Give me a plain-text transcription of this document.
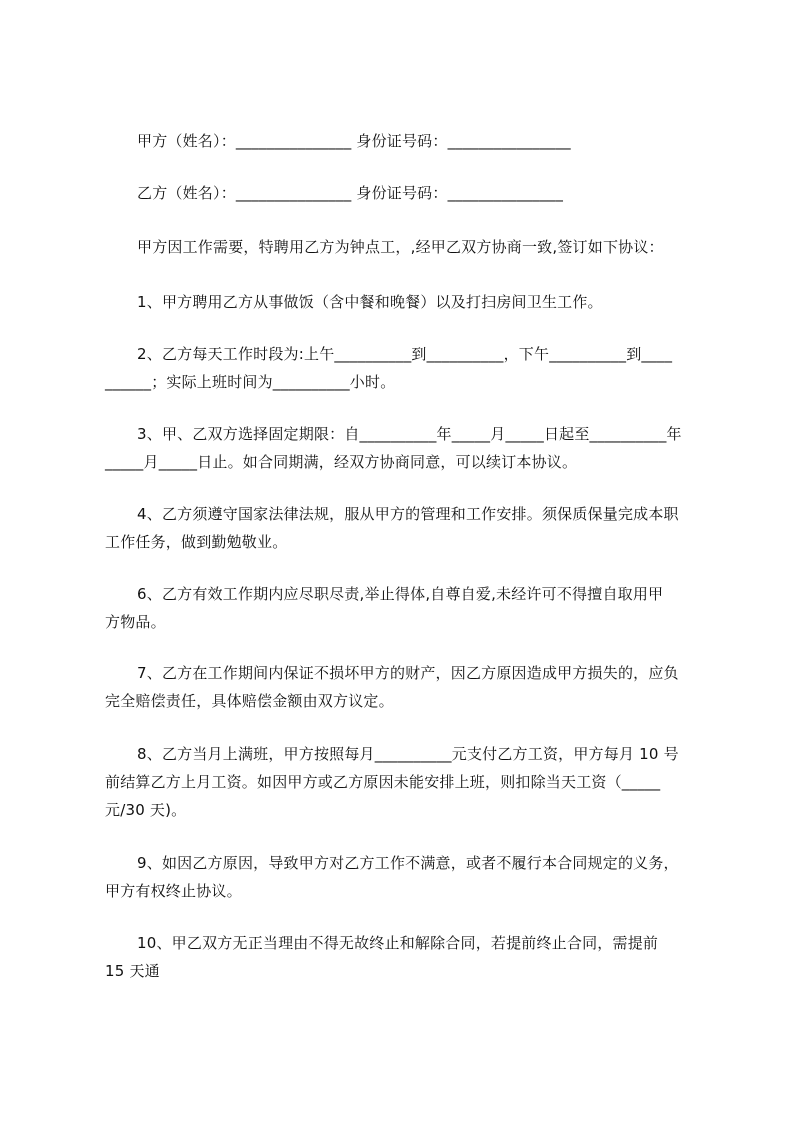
甲方（姓名）：_______________ 身份证号码：________________
乙方（姓名）：_______________ 身份证号码：_______________
甲方因工作需要，特聘用乙方为钟点工，,经甲乙双方协商一致,签订如下协议：
1、甲方聘用乙方从事做饭（含中餐和晚餐）以及打扫房间卫生工作。
2、乙方每天工作时段为:上午__________到__________，下午__________到____
______；实际上班时间为__________小时。
3、甲、乙双方选择固定期限：自__________年_____月_____日起至__________年
_____月_____日止。如合同期满，经双方协商同意，可以续订本协议。
4、乙方须遵守国家法律法规，服从甲方的管理和工作安排。须保质保量完成本职
工作任务，做到勤勉敬业。
6、乙方有效工作期内应尽职尽责,举止得体,自尊自爱,未经许可不得擅自取用甲
方物品。
7、乙方在工作期间内保证不损坏甲方的财产，因乙方原因造成甲方损失的，应负
完全赔偿责任，具体赔偿金额由双方议定。
8、乙方当月上满班，甲方按照每月__________元支付乙方工资，甲方每月 10 号
前结算乙方上月工资。如因甲方或乙方原因未能安排上班，则扣除当天工资（_____
元/30 天)。
9、如因乙方原因，导致甲方对乙方工作不满意，或者不履行本合同规定的义务，
甲方有权终止协议。
10、甲乙双方无正当理由不得无故终止和解除合同，若提前终止合同，需提前
15 天通
